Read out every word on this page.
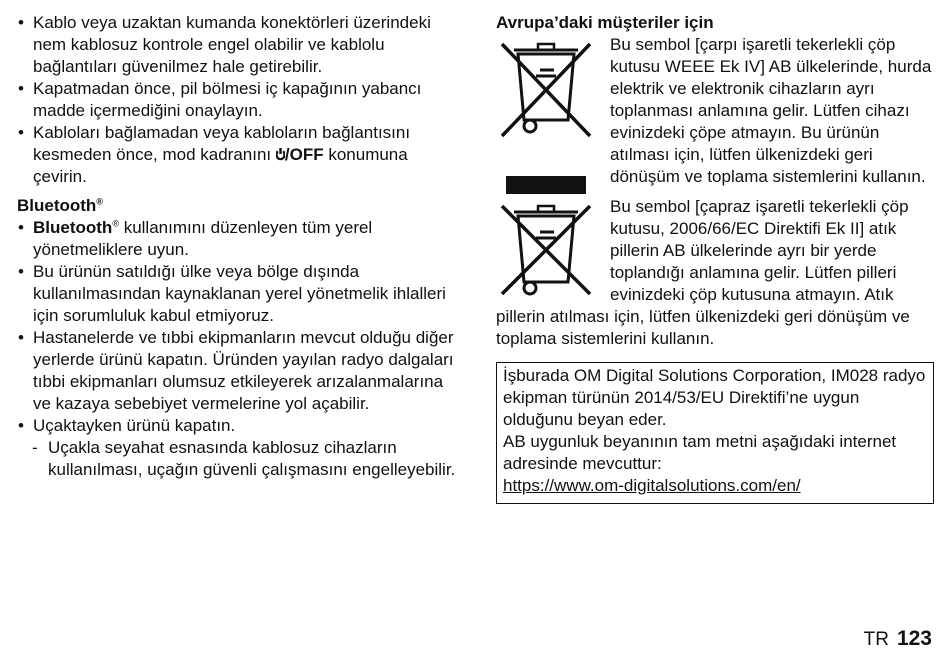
• Kablo veya uzaktan kumanda konektörleri üzerindeki nem kablosuz kontrole engel olabilir ve kablolu bağlantıları güvenilmez hale getirebilir.
• Kapatmadan önce, pil bölmesi iç kapağının yabancı madde içermediğini onaylayın.
• Kabloları bağlamadan veya kabloların bağlantısını kesmeden önce, mod kadranını /OFF konumuna çevirin.
Bluetooth®
• Bluetooth® kullanımını düzenleyen tüm yerel yönetmeliklere uyun.
• Bu ürünün satıldığı ülke veya bölge dışında kullanılmasından kaynaklanan yerel yönetmelik ihlalleri için sorumluluk kabul etmiyoruz.
• Hastanelerde ve tıbbi ekipmanların mevcut olduğu diğer yerlerde ürünü kapatın. Üründen yayılan radyo dalgaları tıbbi ekipmanları olumsuz etkileyerek arızalanmalarına ve kazaya sebebiyet vermelerine yol açabilir.
• Uçaktayken ürünü kapatın.
- Uçakla seyahat esnasında kablosuz cihazların kullanılması, uçağın güvenli çalışmasını engelleyebilir.
Avrupa’daki müşteriler için
Bu sembol [çarpı işaretli tekerlekli çöp kutusu WEEE Ek IV] AB ülkelerinde, hurda elektrik ve elektronik cihazların ayrı toplanması anlamına gelir. Lütfen cihazı evinizdeki çöpe atmayın. Bu ürünün atılması için, lütfen ülkenizdeki geri dönüşüm ve toplama sistemlerini kullanın.
Bu sembol [çapraz işaretli tekerlekli çöp kutusu, 2006/66/EC Direktifi Ek II] atık pillerin AB ülkelerinde ayrı bir yerde toplandığı anlamına gelir. Lütfen pilleri evinizdeki çöp kutusuna atmayın. Atık pillerin atılması için, lütfen ülkenizdeki geri dönüşüm ve toplama sistemlerini kullanın.
İşburada OM Digital Solutions Corporation, IM028 radyo ekipman türünün 2014/53/EU Direktifi’ne uygun olduğunu beyan eder.
AB uygunluk beyanının tam metni aşağıdaki internet adresinde mevcuttur:
https://www.om-digitalsolutions.com/en/
TR 123
